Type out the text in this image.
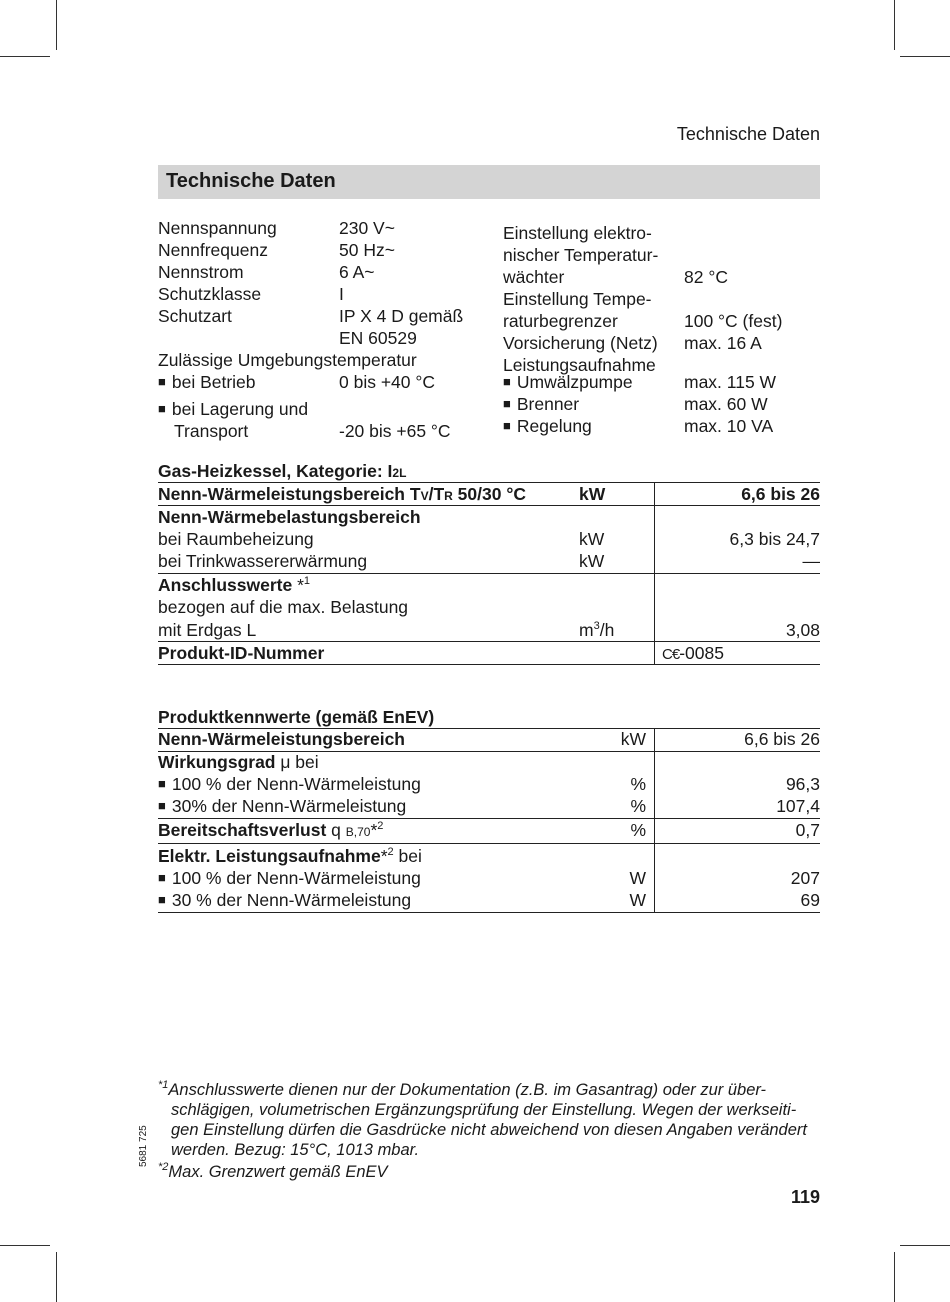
Technische Daten
Technische Daten
Nennspannung	230 V~
Nennfrequenz	50 Hz~
Nennstrom	6 A~
Schutzklasse	I
Schutzart	IP X 4 D gemäß
EN 60529
Zulässige Umgebungstemperatur
■ bei Betrieb	0 bis +40 °C
■ bei Lagerung und
Transport	-20 bis +65 °C
Einstellung elektro-
nischer Temperatur-
wächter	82 °C
Einstellung Tempe-
raturbegrenzer	100 °C (fest)
Vorsicherung (Netz) max. 16 A
Leistungsaufnahme
■ Umwälzpumpe	max. 115 W
■ Brenner	max. 60 W
■ Regelung	max. 10 VA
Gas-Heizkessel, Kategorie: I2L
Nenn-Wärmeleistungsbereich TV/TR 50/30 °C	kW	6,6 bis 26
Nenn-Wärmebelastungsbereich
bei Raumbeheizung	kW	6,3 bis 24,7
bei Trinkwassererwärmung	kW	—
Anschlusswerte *$^1$
bezogen auf die max. Belastung
mit Erdgas L	$m^3/h$	3,08
Produkt-ID-Nummer	C€-0085
Produktkennwerte (gemäß EnEV)
Nenn-Wärmeleistungsbereich	kW	6,6 bis 26
Wirkungsgrad μ bei
■ 100 % der Nenn-Wärmeleistung	%	96,3
■ 30% der Nenn-Wärmeleistung	%	107,4
Bereitschaftsverlust q B,70*$^2$	%	0,7
Elektr. Leistungsaufnahme*$^2$ bei
■ 100 % der Nenn-Wärmeleistung	W	207
■ 30 % der Nenn-Wärmeleistung	W	69
$^{*1}$Anschlusswerte dienen nur der Dokumentation (z.B. im Gasantrag) oder zur über-
schlägigen, volumetrischen Ergänzungsprüfung der Einstellung. Wegen der werkseiti-
gen Einstellung dürfen die Gasdrücke nicht abweichend von diesen Angaben verändert
werden. Bezug: 15°C, 1013 mbar.
$^{*2}$Max. Grenzwert gemäß EnEV
5681 725
119
